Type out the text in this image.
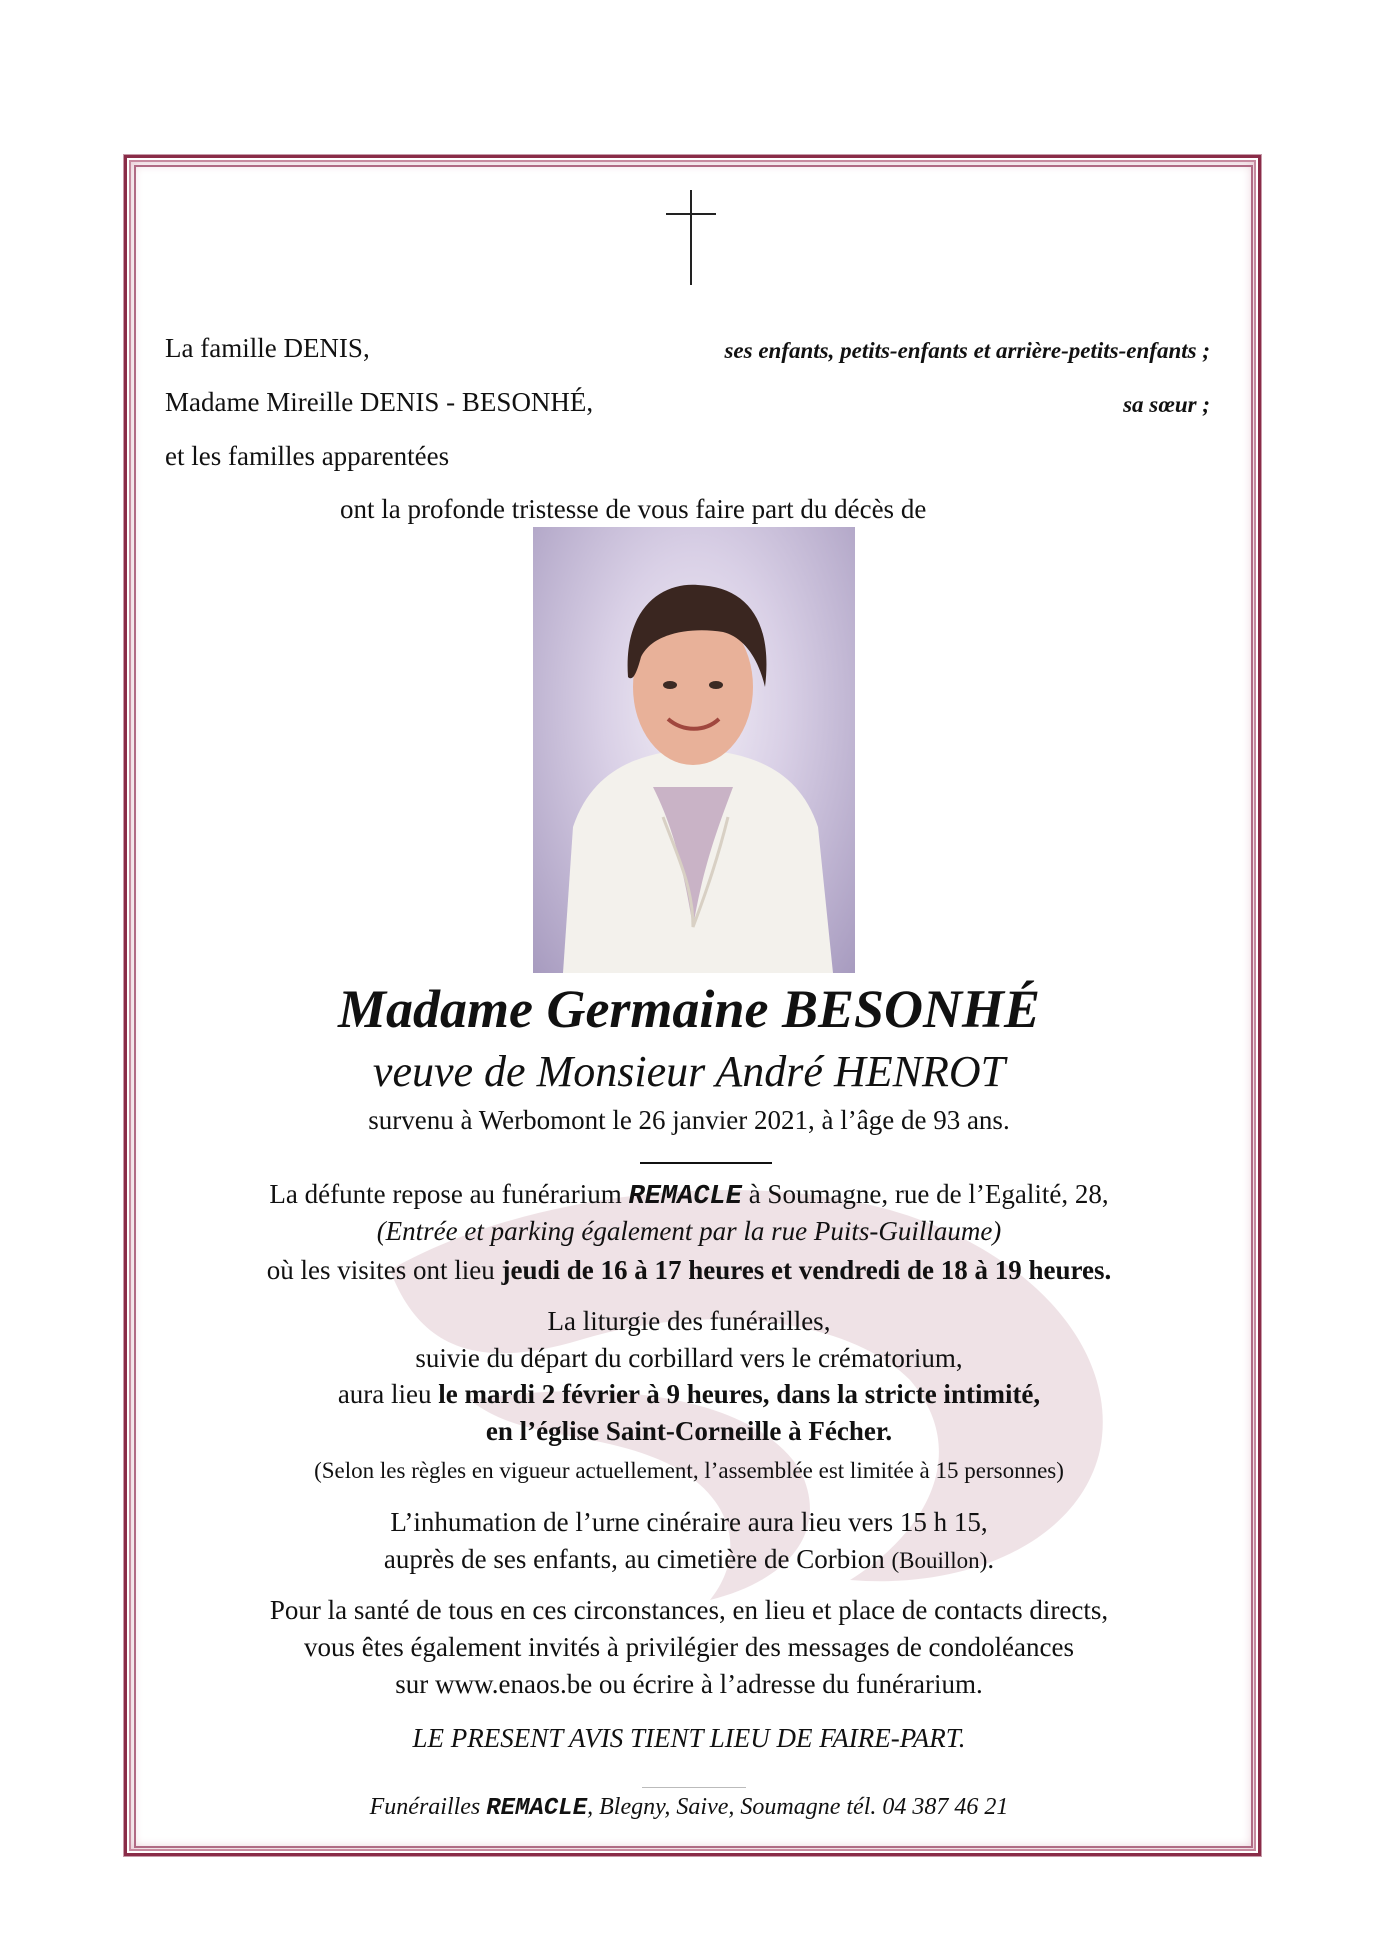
La famille DENIS,	ses enfants, petits-enfants et arrière-petits-enfants ;
Madame Mireille DENIS - BESONHÉ,	sa sœur ;
et les familles apparentées
ont la profonde tristesse de vous faire part du décès de
Madame Germaine BESONHÉ
veuve de Monsieur André HENROT
survenu à Werbomont le 26 janvier 2021, à l’âge de 93 ans.
La défunte repose au funérarium REMACLE à Soumagne, rue de l’Egalité, 28,
(Entrée et parking également par la rue Puits-Guillaume)
où les visites ont lieu jeudi de 16 à 17 heures et vendredi de 18 à 19 heures.
La liturgie des funérailles,
suivie du départ du corbillard vers le crématorium,
aura lieu le mardi 2 février à 9 heures, dans la stricte intimité,
en l’église Saint-Corneille à Fécher.
(Selon les règles en vigueur actuellement, l’assemblée est limitée à 15 personnes)
L’inhumation de l’urne cinéraire aura lieu vers 15 h 15,
auprès de ses enfants, au cimetière de Corbion (Bouillon).
Pour la santé de tous en ces circonstances, en lieu et place de contacts directs,
vous êtes également invités à privilégier des messages de condoléances
sur www.enaos.be ou écrire à l’adresse du funérarium.
LE PRESENT AVIS TIENT LIEU DE FAIRE-PART.
Funérailles REMACLE, Blegny, Saive, Soumagne tél. 04 387 46 21
